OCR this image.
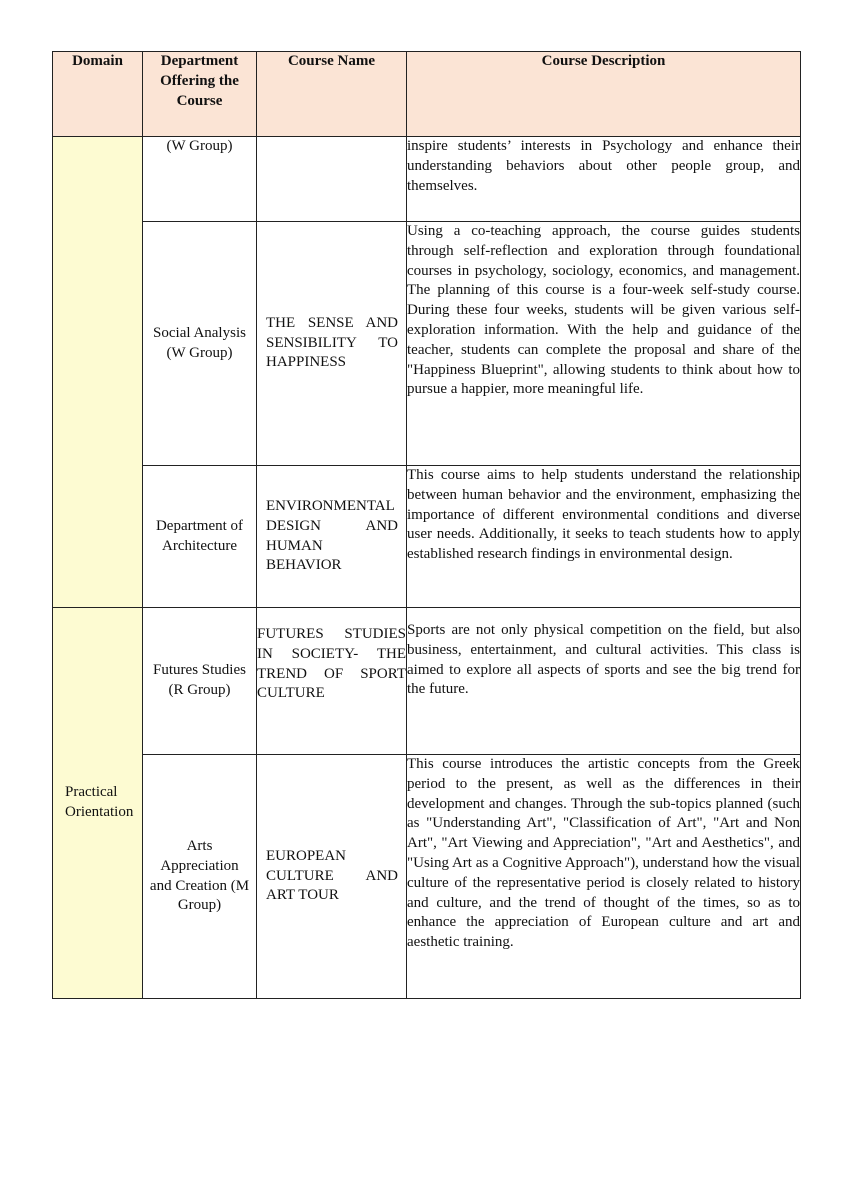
Domain	Department Offering the Course	Course Name	Course Description
	(W Group)		inspire students’ interests in Psychology and enhance their understanding behaviors about other people group, and themselves.
	Social Analysis (W Group)	THE SENSE AND SENSIBILITY TO HAPPINESS	Using a co-teaching approach, the course guides students through self-reflection and exploration through foundational courses in psychology, sociology, economics, and management. The planning of this course is a four-week self-study course. During these four weeks, students will be given various self-exploration information. With the help and guidance of the teacher, students can complete the proposal and share of the "Happiness Blueprint", allowing students to think about how to pursue a happier, more meaningful life.
	Department of Architecture	ENVIRONMENTAL DESIGN AND HUMAN BEHAVIOR	This course aims to help students understand the relationship between human behavior and the environment, emphasizing the importance of different environmental conditions and diverse user needs. Additionally, it seeks to teach students how to apply established research findings in environmental design.
Practical Orientation	Futures Studies (R Group)	FUTURES STUDIES IN SOCIETY- THE TREND OF SPORT CULTURE	Sports are not only physical competition on the field, but also business, entertainment, and cultural activities. This class is aimed to explore all aspects of sports and see the big trend for the future.
	Arts Appreciation and Creation (M Group)	EUROPEAN CULTURE AND ART TOUR	This course introduces the artistic concepts from the Greek period to the present, as well as the differences in their development and changes. Through the sub-topics planned (such as "Understanding Art", "Classification of Art", "Art and Non Art", "Art Viewing and Appreciation", "Art and Aesthetics", and "Using Art as a Cognitive Approach"), understand how the visual culture of the representative period is closely related to history and culture, and the trend of thought of the times, so as to enhance the appreciation of European culture and art and aesthetic training.
